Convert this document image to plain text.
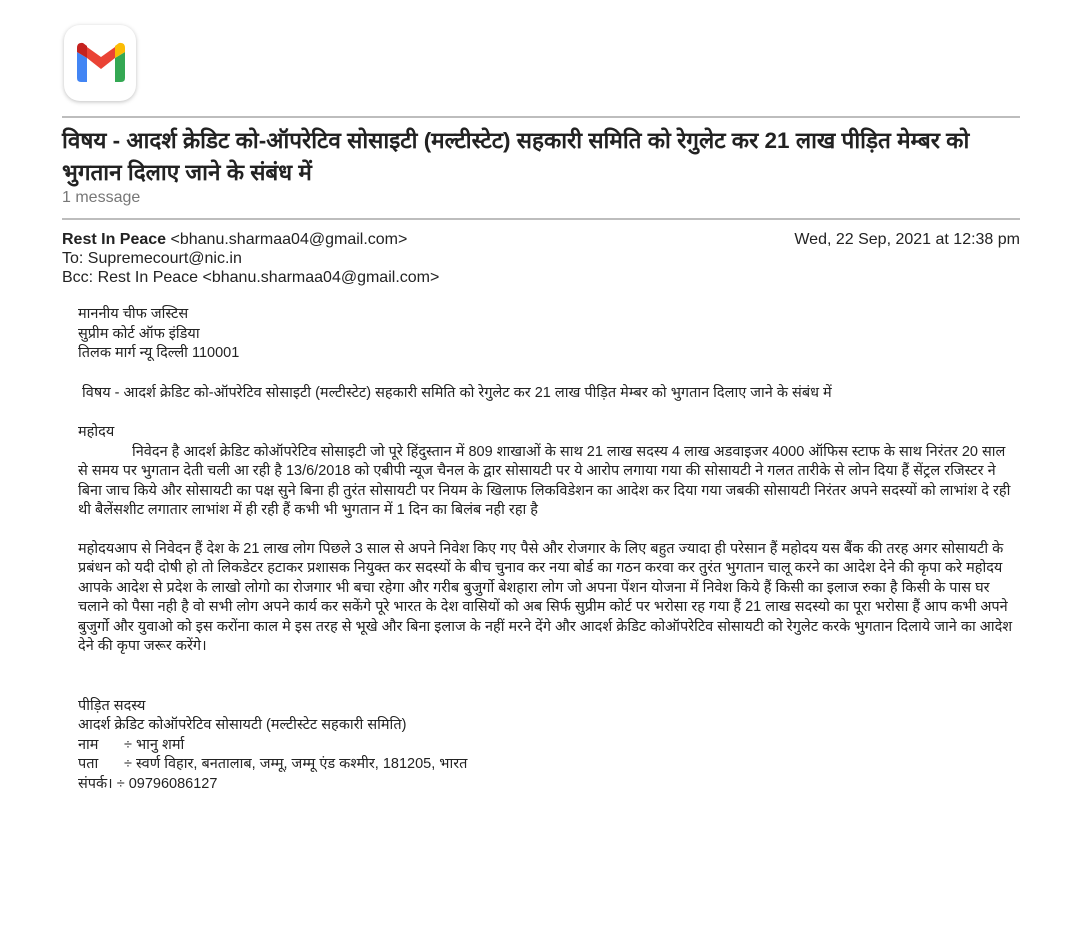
विषय - आदर्श क्रेडिट को-ऑपरेटिव सोसाइटी (मल्टीस्टेट) सहकारी समिति को रेगुलेट कर 21 लाख पीड़ित मेम्बर को भुगतान दिलाए जाने के संबंध में
1 message
Rest In Peace <bhanu.sharmaa04@gmail.com>	Wed, 22 Sep, 2021 at 12:38 pm
To: Supremecourt@nic.in
Bcc: Rest In Peace <bhanu.sharmaa04@gmail.com>

माननीय चीफ जस्टिस

सुप्रीम कोर्ट ऑफ इंडिया

तिलक मार्ग न्यू दिल्ली 110001

विषय - आदर्श क्रेडिट को-ऑपरेटिव सोसाइटी (मल्टीस्टेट) सहकारी समिति को रेगुलेट कर 21 लाख पीड़ित मेम्बर को भुगतान दिलाए जाने के संबंध में

महोदय

निवेदन है आदर्श क्रेडिट कोऑपरेटिव सोसाइटी जो पूरे हिंदुस्तान में 809 शाखाओं के साथ 21 लाख सदस्य 4 लाख अडवाइजर 4000 ऑफिस स्टाफ के साथ निरंतर 20 साल से समय पर भुगतान देती चली आ रही है 13/6/2018 को एबीपी न्यूज चैनल के द्वार सोसायटी पर ये आरोप लगाया गया की सोसायटी ने गलत तारीके से लोन दिया हैं सेंट्रल रजिस्टर ने बिना जाच किये और सोसायटी का पक्ष सुने बिना ही तुरंत सोसायटी पर नियम के खिलाफ लिकविडेशन का आदेश कर दिया गया जबकी सोसायटी निरंतर अपने सदस्यों को लाभांश दे रही थी बैलेंसशीट लगातार लाभांश में ही रही हैं कभी भी भुगतान में 1 दिन का बिलंब नही रहा है

महोदयआप से निवेदन हैं देश के 21 लाख लोग पिछले 3 साल से अपने निवेश किए गए पैसे और रोजगार के लिए बहुत ज्यादा ही परेसान हैं महोदय यस बैंक की तरह अगर सोसायटी के प्रबंधन को यदी दोषी हो तो लिकडेटर हटाकर प्रशासक नियुक्त कर सदस्यों के बीच चुनाव कर नया बोर्ड का गठन करवा कर तुरंत भुगतान चालू करने का आदेश देने की कृपा करे महोदय आपके आदेश से प्रदेश के लाखो लोगो का रोजगार भी बचा रहेगा और गरीब बुजुर्गो बेशहारा लोग जो अपना पेंशन योजना में निवेश किये हैं किसी का इलाज रुका है किसी के पास घर चलाने को पैसा नही है वो सभी लोग अपने कार्य कर सकेंगे पूरे भारत के देश वासियों को अब सिर्फ सुप्रीम कोर्ट पर भरोसा रह गया हैं 21 लाख सदस्यो का पूरा भरोसा हैं आप कभी अपने बुजुर्गो और युवाओ को इस करोंना काल मे इस तरह से भूखे और बिना इलाज के नहीं मरने देंगे और आदर्श क्रेडिट कोऑपरेटिव सोसायटी को रेगुलेट करके भुगतान दिलाये जाने का आदेश देने की कृपा जरूर करेंगे।

पीड़ित सदस्य

आदर्श क्रेडिट कोऑपरेटिव सोसायटी (मल्टीस्टेट सहकारी समिति)

नाम ÷ भानु शर्मा

पता ÷ स्वर्ण विहार, बनतालाब, जम्मू, जम्मू एंड कश्मीर, 181205, भारत

संपर्क। ÷ 09796086127
